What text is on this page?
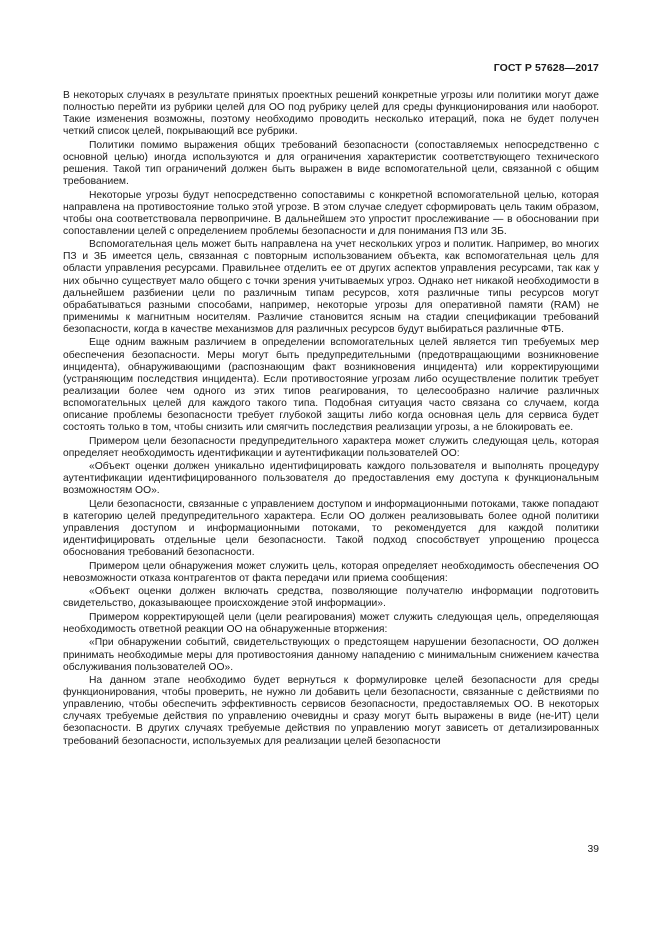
ГОСТ Р 57628—2017

В некоторых случаях в результате принятых проектных решений конкретные угрозы или политики могут даже полностью перейти из рубрики целей для ОО под рубрику целей для среды функционирования или наоборот. Такие изменения возможны, поэтому необходимо проводить несколько итераций, пока не будет получен четкий список целей, покрывающий все рубрики.

Политики помимо выражения общих требований безопасности (сопоставляемых непосредственно с основной целью) иногда используются и для ограничения характеристик соответствующего технического решения. Такой тип ограничений должен быть выражен в виде вспомогательной цели, связанной с общим требованием.

Некоторые угрозы будут непосредственно сопоставимы с конкретной вспомогательной целью, которая направлена на противостояние только этой угрозе. В этом случае следует сформировать цель таким образом, чтобы она соответствовала первопричине. В дальнейшем это упростит прослеживание — в обосновании при сопоставлении целей с определением проблемы безопасности и для понимания ПЗ или ЗБ.

Вспомогательная цель может быть направлена на учет нескольких угроз и политик. Например, во многих ПЗ и ЗБ имеется цель, связанная с повторным использованием объекта, как вспомогательная цель для области управления ресурсами. Правильнее отделить ее от других аспектов управления ресурсами, так как у них обычно существует мало общего с точки зрения учитываемых угроз. Однако нет никакой необходимости в дальнейшем разбиении цели по различным типам ресурсов, хотя различные типы ресурсов могут обрабатываться разными способами, например, некоторые угрозы для оперативной памяти (RAM) не применимы к магнитным носителям. Различие становится ясным на стадии спецификации требований безопасности, когда в качестве механизмов для различных ресурсов будут выбираться различные ФТБ.

Еще одним важным различием в определении вспомогательных целей является тип требуемых мер обеспечения безопасности. Меры могут быть предупредительными (предотвращающими возникновение инцидента), обнаруживающими (распознающим факт возникновения инцидента) или корректирующими (устраняющим последствия инцидента). Если противостояние угрозам либо осуществление политик требует реализации более чем одного из этих типов реагирования, то целесообразно наличие различных вспомогательных целей для каждого такого типа. Подобная ситуация часто связана со случаем, когда описание проблемы безопасности требует глубокой защиты либо когда основная цель для сервиса будет состоять только в том, чтобы снизить или смягчить последствия реализации угрозы, а не блокировать ее.

Примером цели безопасности предупредительного характера может служить следующая цель, которая определяет необходимость идентификации и аутентификации пользователей ОО:

«Объект оценки должен уникально идентифицировать каждого пользователя и выполнять процедуру аутентификации идентифицированного пользователя до предоставления ему доступа к функциональным возможностям ОО».

Цели безопасности, связанные с управлением доступом и информационными потоками, также попадают в категорию целей предупредительного характера. Если ОО должен реализовывать более одной политики управления доступом и информационными потоками, то рекомендуется для каждой политики идентифицировать отдельные цели безопасности. Такой подход способствует упрощению процесса обоснования требований безопасности.

Примером цели обнаружения может служить цель, которая определяет необходимость обеспечения ОО невозможности отказа контрагентов от факта передачи или приема сообщения:

«Объект оценки должен включать средства, позволяющие получателю информации подготовить свидетельство, доказывающее происхождение этой информации».

Примером корректирующей цели (цели реагирования) может служить следующая цель, определяющая необходимость ответной реакции ОО на обнаруженные вторжения:

«При обнаружении событий, свидетельствующих о предстоящем нарушении безопасности, ОО должен принимать необходимые меры для противостояния данному нападению с минимальным снижением качества обслуживания пользователей ОО».

На данном этапе необходимо будет вернуться к формулировке целей безопасности для среды функционирования, чтобы проверить, не нужно ли добавить цели безопасности, связанные с действиями по управлению, чтобы обеспечить эффективность сервисов безопасности, предоставляемых ОО. В некоторых случаях требуемые действия по управлению очевидны и сразу могут быть выражены в виде (не-ИТ) цели безопасности. В других случаях требуемые действия по управлению могут зависеть от детализированных требований безопасности, используемых для реализации целей безопасности

39
